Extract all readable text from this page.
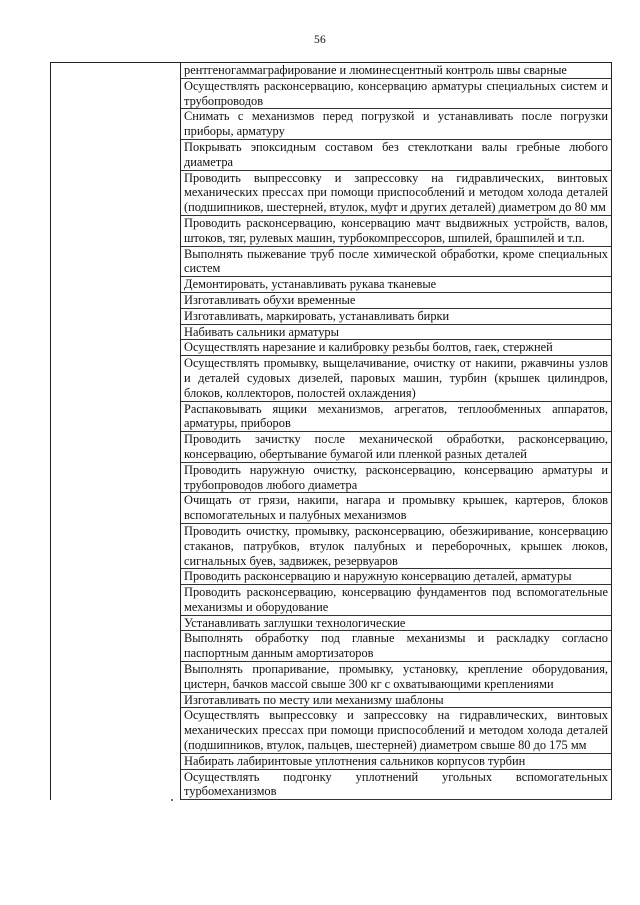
56
рентгеногаммаграфирование и люминесцентный контроль швы сварные
Осуществлять расконсервацию, консервацию арматуры специальных систем и трубопроводов
Снимать с механизмов перед погрузкой и устанавливать после погрузки приборы, арматуру
Покрывать эпоксидным составом без стеклоткани валы гребные любого диаметра
Проводить выпрессовку и запрессовку на гидравлических, винтовых механических прессах при помощи приспособлений и методом холода деталей (подшипников, шестерней, втулок, муфт и других деталей) диаметром до 80 мм
Проводить расконсервацию, консервацию мачт выдвижных устройств, валов, штоков, тяг, рулевых машин, турбокомпрессоров, шпилей, брашпилей и т.п.
Выполнять пыжевание труб после химической обработки, кроме специальных систем
Демонтировать, устанавливать рукава тканевые
Изготавливать обухи временные
Изготавливать, маркировать, устанавливать бирки
Набивать сальники арматуры
Осуществлять нарезание и калибровку резьбы болтов, гаек, стержней
Осуществлять промывку, выщелачивание, очистку от накипи, ржавчины узлов и деталей судовых дизелей, паровых машин, турбин (крышек цилиндров, блоков, коллекторов, полостей охлаждения)
Распаковывать ящики механизмов, агрегатов, теплообменных аппаратов, арматуры, приборов
Проводить зачистку после механической обработки, расконсервацию, консервацию, обертывание бумагой или пленкой разных деталей
Проводить наружную очистку, расконсервацию, консервацию арматуры и трубопроводов любого диаметра
Очищать от грязи, накипи, нагара и промывку крышек, картеров, блоков вспомогательных и палубных механизмов
Проводить очистку, промывку, расконсервацию, обезжиривание, консервацию стаканов, патрубков, втулок палубных и переборочных, крышек люков, сигнальных буев, задвижек, резервуаров
Проводить расконсервацию и наружную консервацию деталей, арматуры
Проводить расконсервацию, консервацию фундаментов под вспомогательные механизмы и оборудование
Устанавливать заглушки технологические
Выполнять обработку под главные механизмы и раскладку согласно паспортным данным амортизаторов
Выполнять пропаривание, промывку, установку, крепление оборудования, цистерн, бачков массой свыше 300 кг с охватывающими креплениями
Изготавливать по месту или механизму шаблоны
Осуществлять выпрессовку и запрессовку на гидравлических, винтовых механических прессах при помощи приспособлений и методом холода деталей (подшипников, втулок, пальцев, шестерней) диаметром свыше 80 до 175 мм
Набирать лабиринтовые уплотнения сальников корпусов турбин
Осуществлять подгонку уплотнений угольных вспомогательных турбомеханизмов
